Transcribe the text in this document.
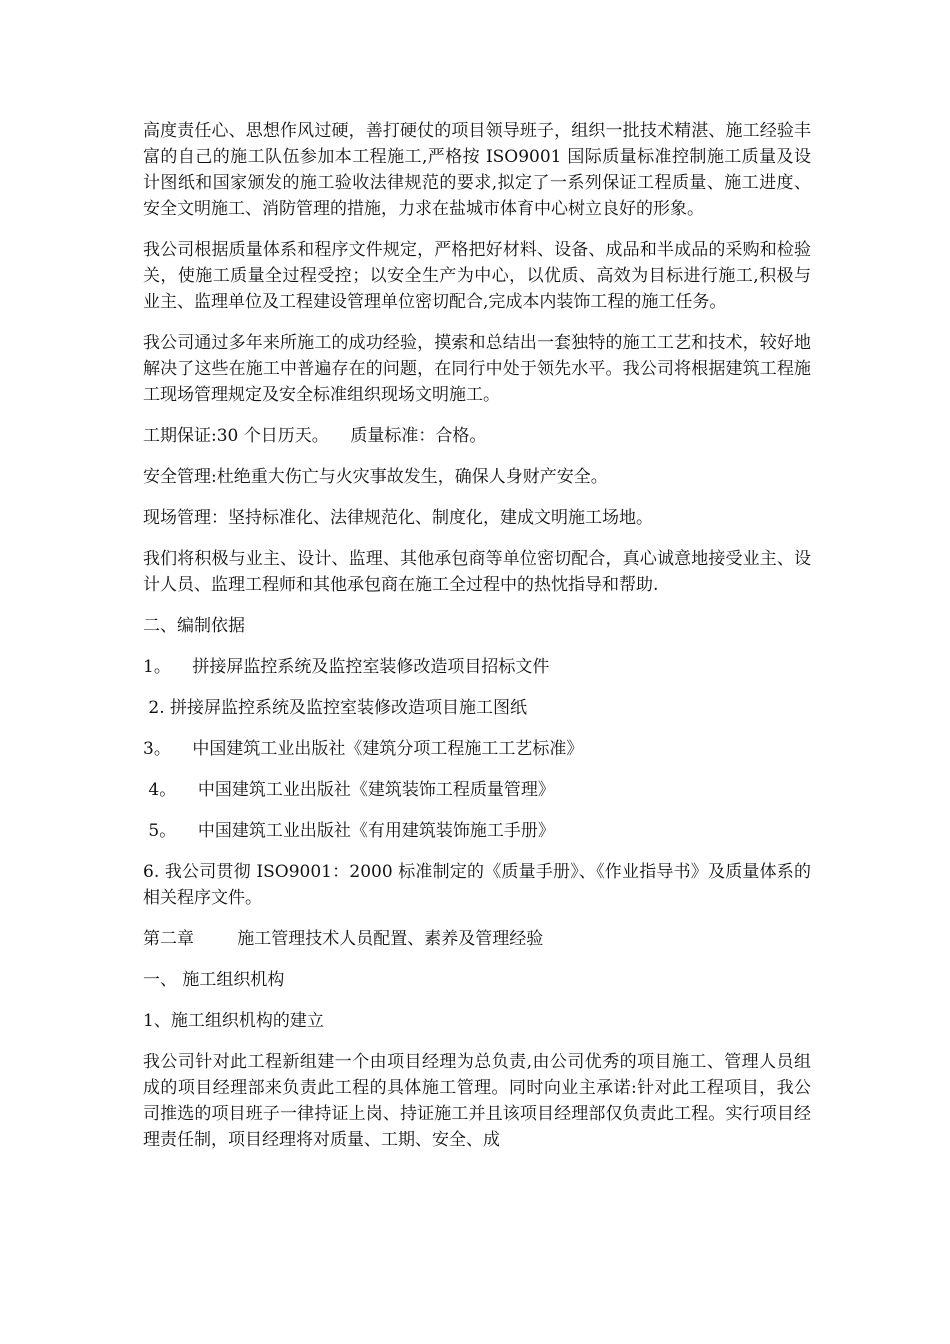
高度责任心、思想作风过硬，善打硬仗的项目领导班子，组织一批技术精湛、施工经验丰富的自己的施工队伍参加本工程施工,严格按 ISO9001 国际质量标准控制施工质量及设计图纸和国家颁发的施工验收法律规范的要求,拟定了一系列保证工程质量、施工进度、安全文明施工、消防管理的措施，力求在盐城市体育中心树立良好的形象。

我公司根据质量体系和程序文件规定，严格把好材料、设备、成品和半成品的采购和检验关，使施工质量全过程受控；以安全生产为中心，以优质、高效为目标进行施工,积极与业主、监理单位及工程建设管理单位密切配合,完成本内装饰工程的施工任务。

我公司通过多年来所施工的成功经验，摸索和总结出一套独特的施工工艺和技术，较好地解决了这些在施工中普遍存在的问题，在同行中处于领先水平。我公司将根据建筑工程施工现场管理规定及安全标准组织现场文明施工。

工期保证:30 个日历天。    质量标准：合格。

安全管理:杜绝重大伤亡与火灾事故发生，确保人身财产安全。

现场管理：坚持标准化、法律规范化、制度化，建成文明施工场地。

我们将积极与业主、设计、监理、其他承包商等单位密切配合，真心诚意地接受业主、设计人员、监理工程师和其他承包商在施工全过程中的热忱指导和帮助.

二、编制依据

1。    拼接屏监控系统及监控室装修改造项目招标文件

2. 拼接屏监控系统及监控室装修改造项目施工图纸

3。    中国建筑工业出版社《建筑分项工程施工工艺标准》

4。    中国建筑工业出版社《建筑装饰工程质量管理》

5。    中国建筑工业出版社《有用建筑装饰施工手册》

6. 我公司贯彻 ISO9001：2000 标准制定的《质量手册》、《作业指导书》及质量体系的相关程序文件。

第二章        施工管理技术人员配置、素养及管理经验

一、 施工组织机构

1、施工组织机构的建立

我公司针对此工程新组建一个由项目经理为总负责,由公司优秀的项目施工、管理人员组成的项目经理部来负责此工程的具体施工管理。同时向业主承诺:针对此工程项目，我公司推选的项目班子一律持证上岗、持证施工并且该项目经理部仅负责此工程。实行项目经理责任制，项目经理将对质量、工期、安全、成
